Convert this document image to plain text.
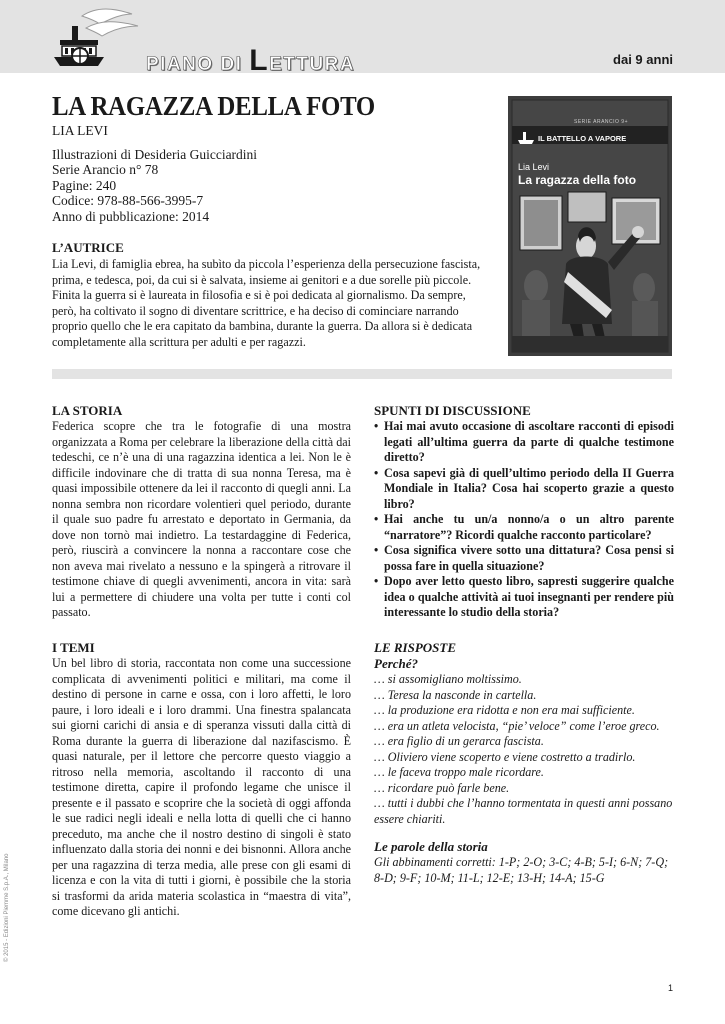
PIANO DI LETTURA	dai 9 anni
LA RAGAZZA DELLA FOTO
LIA LEVI
Illustrazioni di Desideria Guicciardini
Serie Arancio n° 78
Pagine: 240
Codice: 978-88-566-3995-7
Anno di pubblicazione: 2014
L’AUTRICE

Lia Levi, di famiglia ebrea, ha subìto da piccola l’esperienza della persecuzione fascista, prima, e tedesca, poi, da cui si è salvata, insieme ai genitori e a due sorelle più piccole. Finita la guerra si è laureata in filosofia e si è poi dedicata al giornalismo. Da sempre, però, ha coltivato il sogno di diventare scrittrice, e ha deciso di cominciare narrando proprio quello che le era capitato da bambina, durante la guerra. Da allora si è dedicata completamente alla scrittura per adulti e per ragazzi.

SERIE ARANCIO 9+
IL BATTELLO A VAPORE
Lia Levi
La ragazza della foto
LA STORIA

Federica scopre che tra le fotografie di una mostra organizzata a Roma per celebrare la liberazione della città dai tedeschi, ce n’è una di una ragazzina identica a lei. Non le è difficile indovinare che di tratta di sua nonna Teresa, ma è quasi impossibile ottenere da lei il racconto di quegli anni. La nonna sembra non ricordare volentieri quel periodo, durante il quale suo padre fu arrestato e deportato in Germania, da dove non tornò mai indietro. La testardaggine di Federica, però, riuscirà a convincere la nonna a raccontare cose che non aveva mai rivelato a nessuno e la spingerà a ritrovare il testimone chiave di quegli avvenimenti, ancora in vita: sarà lui a permettere di chiudere una volta per tutte i conti col passato.

SPUNTI DI DISCUSSIONE
• Hai mai avuto occasione di ascoltare racconti di episodi legati all’ultima guerra da parte di qualche testimone diretto?
• Cosa sapevi già di quell’ultimo periodo della II Guerra Mondiale in Italia? Cosa hai scoperto grazie a questo libro?
• Hai anche tu un/a nonno/a o un altro parente “narratore”? Ricordi qualche racconto particolare?
• Cosa significa vivere sotto una dittatura? Cosa pensi si possa fare in quella situazione?
• Dopo aver letto questo libro, sapresti suggerire qualche idea o qualche attività ai tuoi insegnanti per rendere più interessante lo studio della storia?
I TEMI

Un bel libro di storia, raccontata non come una successione complicata di avvenimenti politici e militari, ma come il destino di persone in carne e ossa, con i loro affetti, le loro paure, i loro ideali e i loro drammi. Una finestra spalancata sui giorni carichi di ansia e di speranza vissuti dalla città di Roma durante la guerra di liberazione dal nazifascismo. È quasi naturale, per il lettore che percorre questo viaggio a ritroso nella memoria, ascoltando il racconto di una testimone diretta, capire il profondo legame che unisce il presente e il passato e scoprire che la società di oggi affonda le sue radici negli ideali e nella lotta di quelli che ci hanno preceduto, ma anche che il nostro destino di singoli è stato influenzato dalla storia dei nonni e dei bisnonni. Allora anche per una ragazzina di terza media, alle prese con gli esami di licenza e con la vita di tutti i giorni, è possibile che la storia si trasformi da arida materia scolastica in “maestra di vita”, come dicevano gli antichi.

LE RISPOSTE
Perché?
… si assomigliano moltissimo.
… Teresa la nasconde in cartella.
… la produzione era ridotta e non era mai sufficiente.
… era un atleta velocista, “pie’ veloce” come l’eroe greco.
… era figlio di un gerarca fascista.
… Oliviero viene scoperto e viene costretto a tradirlo.
… le faceva troppo male ricordare.
… ricordare può farle bene.
… tutti i dubbi che l’hanno tormentata in questi anni possano essere chiariti.
Le parole della storia

Gli abbinamenti corretti: 1-P; 2-O; 3-C; 4-B; 5-I; 6-N; 7-Q; 8-D; 9-F; 10-M; 11-L; 12-E; 13-H; 14-A; 15-G

© 2015 - Edizioni Piemme S.p.A., Milano
1
